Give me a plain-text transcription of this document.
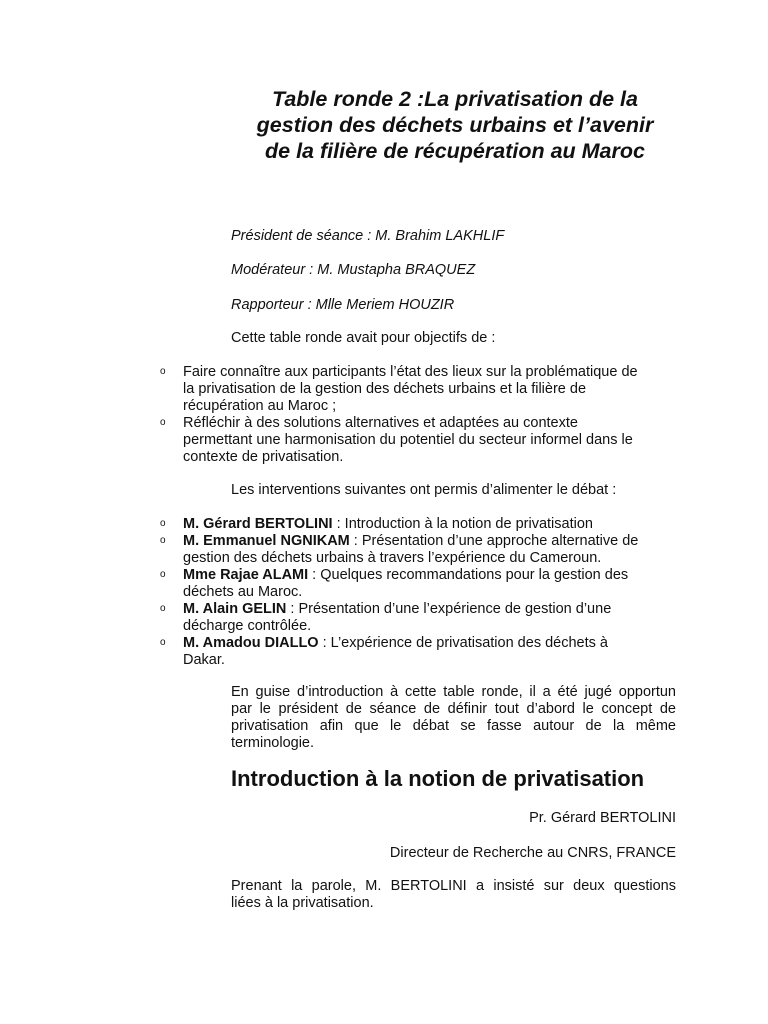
Table ronde 2 :La privatisation de la
gestion des déchets urbains et l’avenir
de la filière de récupération au Maroc
Président de séance : M. Brahim LAKHLIF
Modérateur : M. Mustapha BRAQUEZ
Rapporteur : Mlle Meriem HOUZIR
Cette table ronde avait pour objectifs de :
o Faire connaître aux participants l’état des lieux sur la problématique de
la privatisation de la gestion des déchets urbains et la filière de
récupération au Maroc ;
o Réfléchir à des solutions alternatives et adaptées au contexte
permettant une harmonisation du potentiel du secteur informel dans le
contexte de privatisation.
Les interventions suivantes ont permis d’alimenter le débat :
o M. Gérard BERTOLINI : Introduction à la notion de privatisation
o M. Emmanuel NGNIKAM : Présentation d’une approche alternative de
gestion des déchets urbains à travers l’expérience du Cameroun.
o Mme Rajae ALAMI : Quelques recommandations pour la gestion des
déchets au Maroc.
o M. Alain GELIN : Présentation d’une l’expérience de gestion d’une
décharge contrôlée.
o M. Amadou DIALLO : L’expérience de privatisation des déchets à
Dakar.
En guise d’introduction à cette table ronde, il a été jugé opportun
par le président de séance de définir tout d’abord le concept de
privatisation afin que le débat se fasse autour de la même
terminologie.
Introduction à la notion de privatisation
Pr. Gérard BERTOLINI
Directeur de Recherche au CNRS, FRANCE
Prenant la parole, M. BERTOLINI a insisté sur deux questions
liées à la privatisation.
